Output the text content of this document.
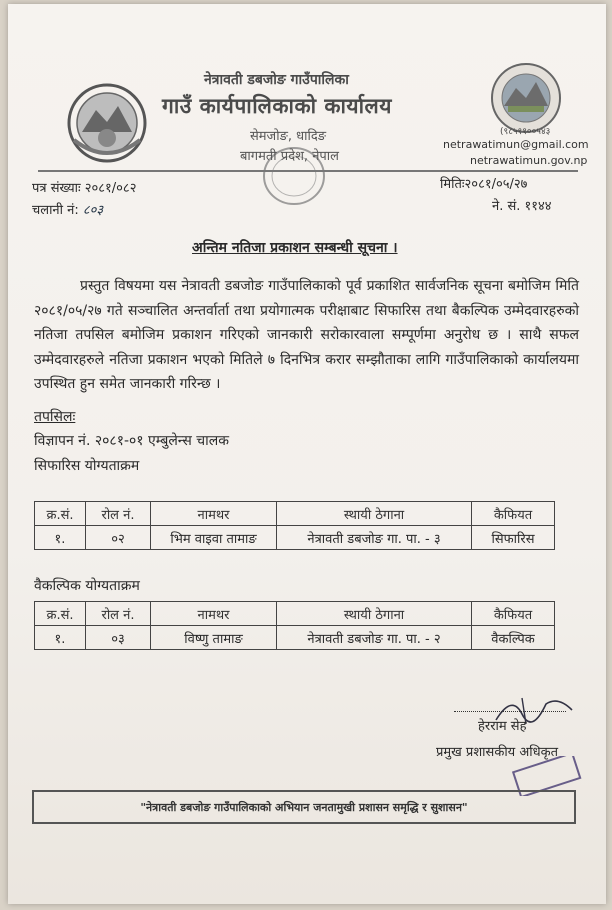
नेत्रावती डबजोङ गाउँपालिका
गाउँ कार्यपालिकाको कार्यालय
सेमजोङ, धादिङ
बागमती प्रदेश, नेपाल
(९८५११००५४३
netrawatimun@gmail.com
netrawatimun.gov.np
पत्र संख्याः २०८१/०८२
चलानी नं: ८०३
मितिः२०८१/०५/२७
ने. सं. ११४४
अन्तिम नतिजा प्रकाशन सम्बन्धी सूचना ।
प्रस्तुत विषयमा यस नेत्रावती डबजोङ गाउँपालिकाको पूर्व प्रकाशित सार्वजनिक सूचना बमोजिम मिति २०८१/०५/२७ गते सञ्चालित अन्तर्वार्ता तथा प्रयोगात्मक परीक्षाबाट सिफारिस तथा बैकल्पिक उम्मेदवारहरुको नतिजा तपसिल बमोजिम प्रकाशन गरिएको जानकारी सरोकारवाला सम्पूर्णमा अनुरोध छ । साथै सफल उम्मेदवारहरुले नतिजा प्रकाशन भएको मितिले ७ दिनभित्र करार सम्झौताका लागि गाउँपालिकाको कार्यालयमा उपस्थित हुन समेत जानकारी गरिन्छ ।
तपसिलः
विज्ञापन नं. २०८१-०१ एम्बुलेन्स चालक
सिफारिस योग्यताक्रम
क्र.सं.	रोल नं.	नामथर	स्थायी ठेगाना	कैफियत
१.	०२	भिम वाइवा तामाङ	नेत्रावती डबजोङ गा. पा. - ३	सिफारिस
वैकल्पिक योग्यताक्रम
क्र.सं.	रोल नं.	नामथर	स्थायी ठेगाना	कैफियत
१.	०३	विष्णु तामाङ	नेत्रावती डबजोङ गा. पा. - २	वैकल्पिक
हेरराम सेह
प्रमुख प्रशासकीय अधिकृत
"नेत्रावती डबजोङ गाउँपालिकाको अभियान जनतामुखी प्रशासन समृद्धि र सुशासन"
